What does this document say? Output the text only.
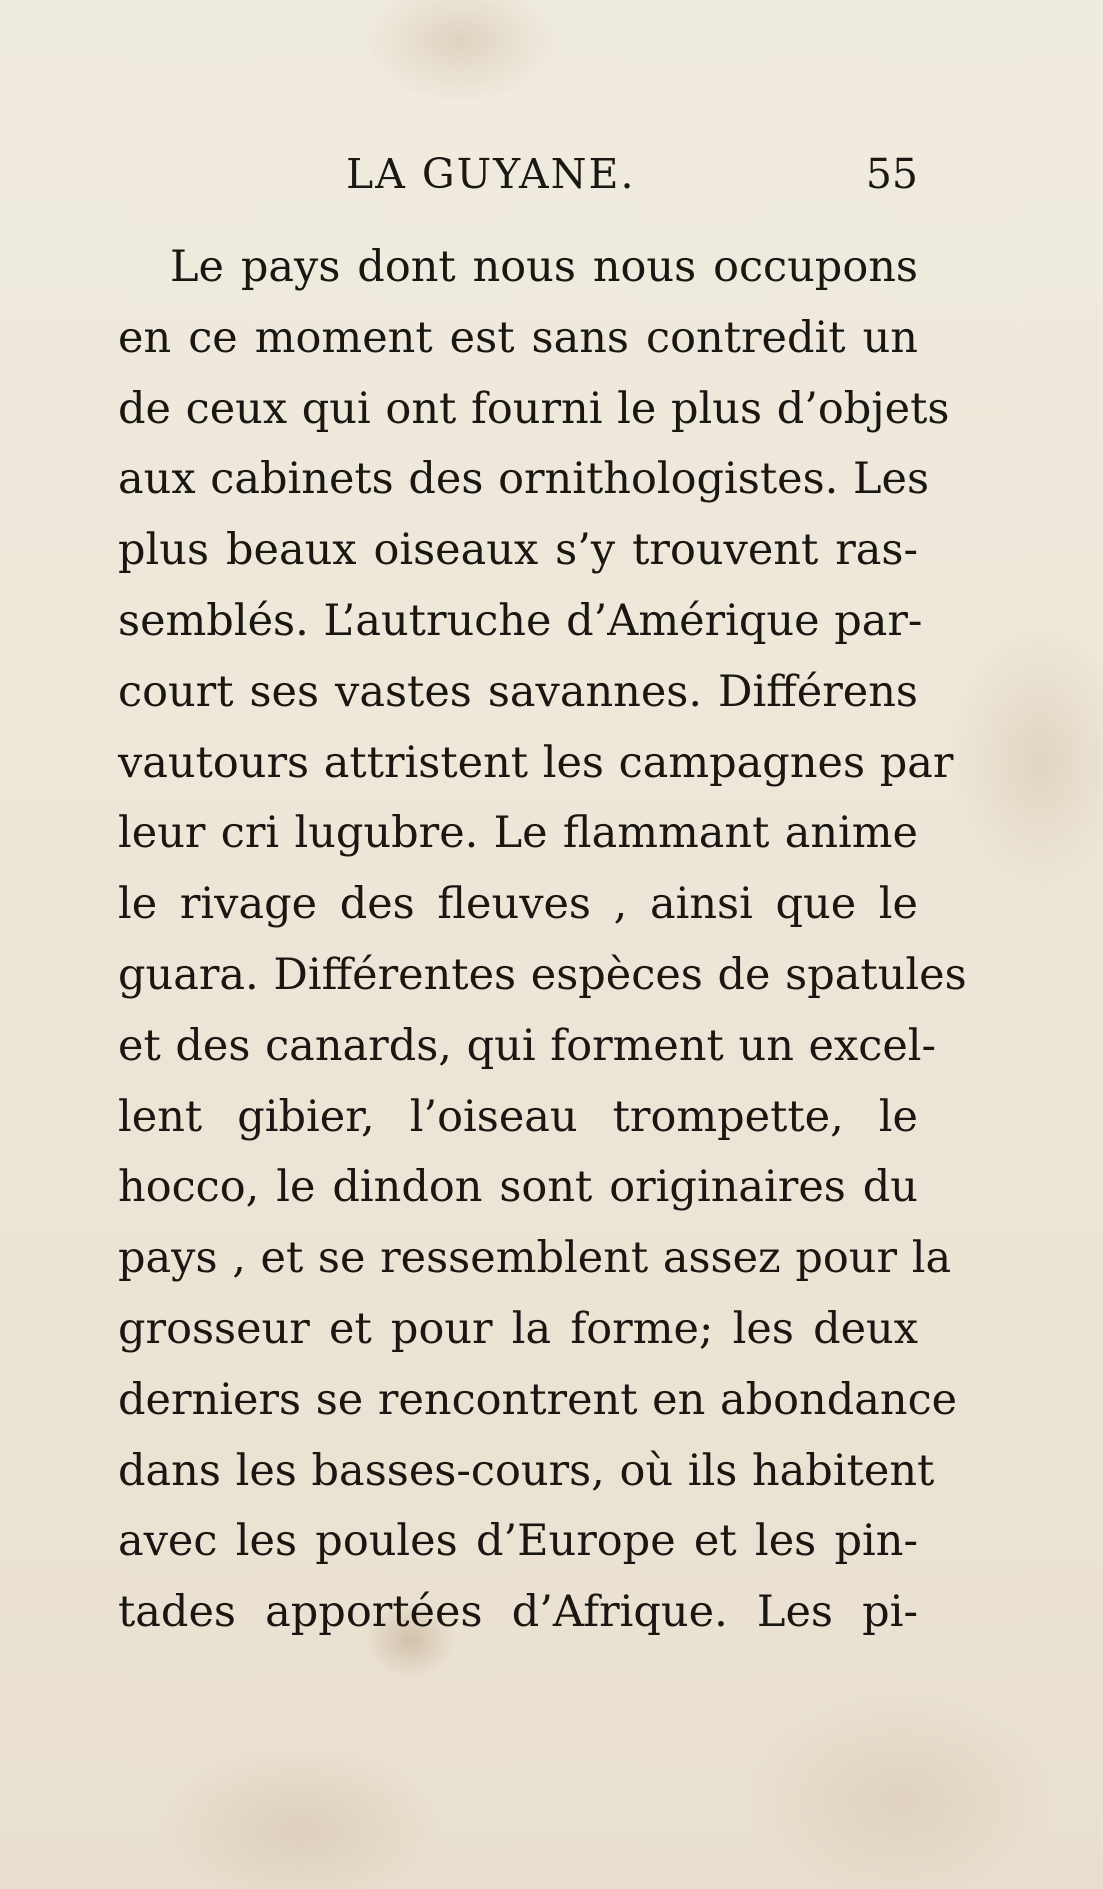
LA GUYANE.	55
Le pays dont nous nous occupons
en ce moment est sans contredit un
de ceux qui ont fourni le plus d’objets
aux cabinets des ornithologistes. Les
plus beaux oiseaux s’y trouvent ras-
semblés. L’autruche d’Amérique par-
court ses vastes savannes. Différens
vautours attristent les campagnes par
leur cri lugubre. Le flammant anime
le rivage des fleuves , ainsi que le
guara. Différentes espèces de spatules
et des canards, qui forment un excel-
lent gibier, l’oiseau trompette, le
hocco, le dindon sont originaires du
pays , et se ressemblent assez pour la
grosseur et pour la forme; les deux
derniers se rencontrent en abondance
dans les basses-cours, où ils habitent
avec les poules d’Europe et les pin-
tades apportées d’Afrique. Les pi-
